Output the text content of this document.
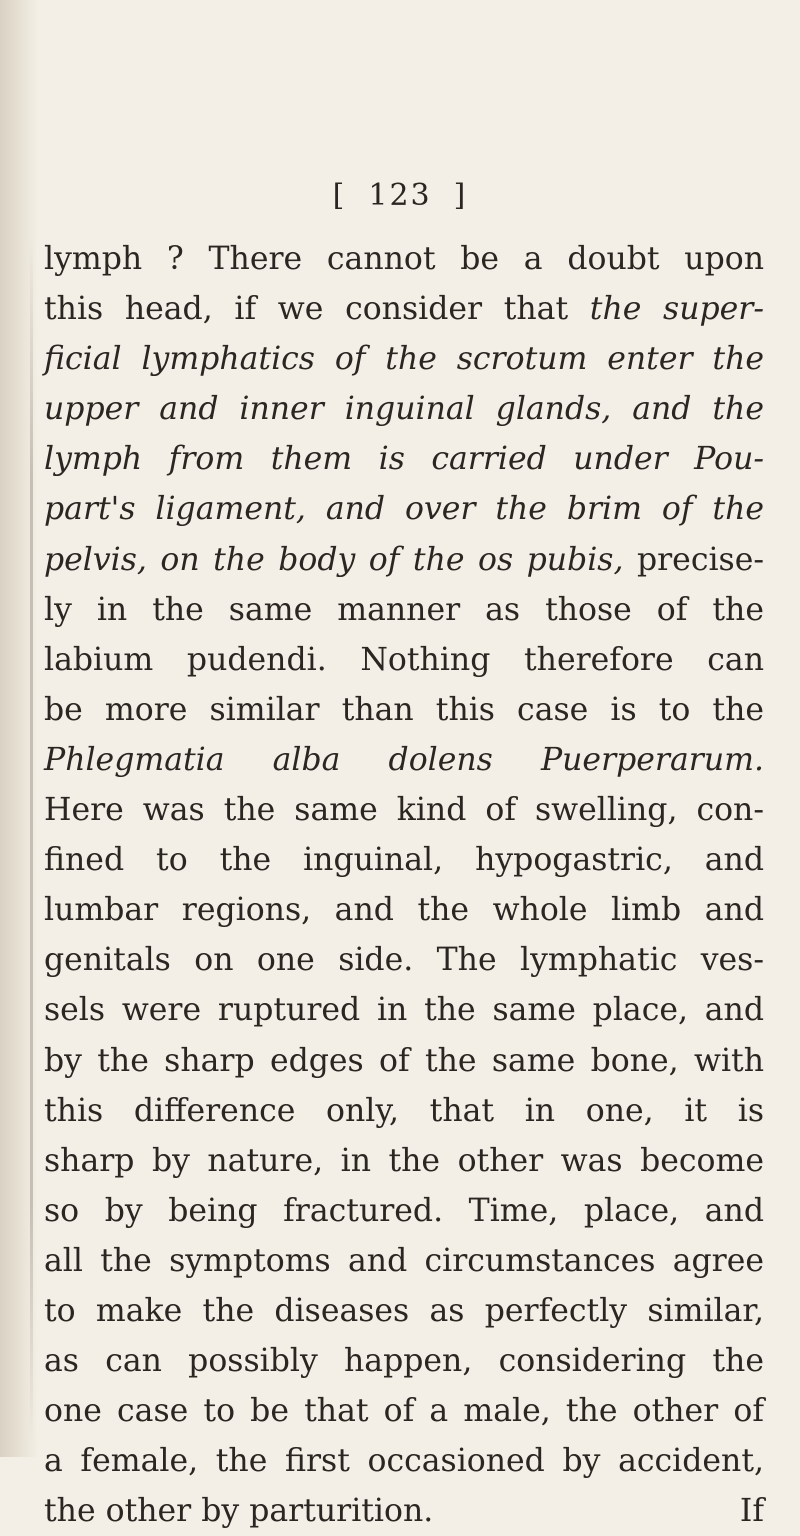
[ 123 ]
lymph ? There cannot be a doubt upon
this head, if we consider that the super-
ficial lymphatics of the scrotum enter the
upper and inner inguinal glands, and the
lymph from them is carried under Pou-
part's ligament, and over the brim of the
pelvis, on the body of the os pubis, precise-
ly in the same manner as those of the
labium pudendi. Nothing therefore can
be more similar than this case is to the
Phlegmatia alba dolens Puerperarum.
Here was the same kind of swelling, con-
fined to the inguinal, hypogastric, and
lumbar regions, and the whole limb and
genitals on one side. The lymphatic ves-
sels were ruptured in the same place, and
by the sharp edges of the same bone, with
this difference only, that in one, it is
sharp by nature, in the other was become
so by being fractured. Time, place, and
all the symptoms and circumstances agree
to make the diseases as perfectly similar,
as can possibly happen, considering the
one case to be that of a male, the other of
a female, the first occasioned by accident,
the other by parturition.	If
